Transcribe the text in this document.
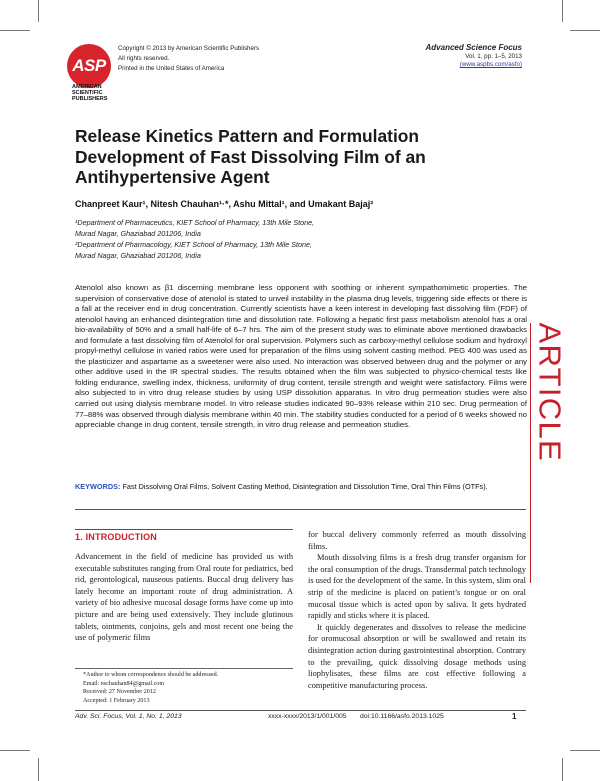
ASP
AMERICAN SCIENTIFIC PUBLISHERS
Copyright © 2013 by American Scientific Publishers
All rights reserved.
Printed in the United States of America
Advanced Science Focus
Vol. 1, pp. 1–5, 2013
(www.aspbs.com/asfo)
Release Kinetics Pattern and Formulation Development of Fast Dissolving Film of an Antihypertensive Agent
Chanpreet Kaur¹, Nitesh Chauhan¹·*, Ashu Mittal¹, and Umakant Bajaj²
¹Department of Pharmaceutics, KIET School of Pharmacy, 13th Mile Stone,
Murad Nagar, Ghaziabad 201206, India
²Department of Pharmacology, KIET School of Pharmacy, 13th Mile Stone,
Murad Nagar, Ghaziabad 201206, India
Atenolol also known as β1 discerning membrane less opponent with soothing or inherent sympathomimetic properties. The supervision of conservative dose of atenolol is stated to unveil instability in the plasma drug levels, triggering side effects or there is a fall at the receiver end in drug concentration. Currently scientists have a keen interest in developing fast dissolving film (FDF) of atenolol having an enhanced disintegration time and dissolution rate. Following a hepatic first pass metabolism atenolol has a oral bio-availability of 50% and a small half-life of 6–7 hrs. The aim of the present study was to eliminate above mentioned drawbacks and formulate a fast dissolving film of Atenolol for oral supervision. Polymers such as carboxy-methyl cellulose sodium and hydroxyl propyl-methyl cellulose in varied ratios were used for preparation of the films using solvent casting method. PEG 400 was used as the plasticizer and aspartame as a sweetener were also used. No interaction was observed between drug and the polymer or any other additive used in the IR spectral studies. The results obtained when the film was subjected to physico-chemical tests like folding endurance, swelling index, thickness, uniformity of drug content, tensile strength and weight were satisfactory. Films were also subjected to in vitro drug release studies by using USP dissolution apparatus. In vitro drug permeation studies were also carried out using dialysis membrane model. In vitro release studies indicated 90–93% release within 210 sec. Drug permeation of 77–88% was observed through dialysis membrane within 40 min. The stability studies conducted for a period of 6 weeks showed no appreciable change in drug content, tensile strength, in vitro drug release and permeation studies.
KEYWORDS: Fast Dissolving Oral Films, Solvent Casting Method, Disintegration and Dissolution Time, Oral Thin Films (OTFs).
ARTICLE
1. INTRODUCTION

Advancement in the field of medicine has provided us with executable substitutes ranging from Oral route for pediatrics, bed rid, gerontological, nauseous patients. Buccal drug delivery has lately become an important route of drug administration. A variety of bio adhesive mucosal dosage forms have come up into picture and are being used extensively. They include glutinous tablets, ointments, conjoins, gels and most recent one being the use of polymeric films

for buccal delivery commonly referred as mouth dissolving films.

Mouth dissolving films is a fresh drug transfer organism for the oral consumption of the drugs. Transdermal patch technology is used for the development of the same. In this system, slim oral strip of the medicine is placed on patient’s tongue or on oral mucosal tissue which is acted upon by saliva. It gets hydrated rapidly and sticks where it is placed.

It quickly degenerates and dissolves to release the medicine for oromucosal absorption or will be swallowed and retain its disintegration action during gastrointestinal absorption. Contrary to the prevailing, quick dissolving dosage methods using liophylisates, these films are cost effective following a competitive manufacturing process.

*Author to whom correspondence should be addressed.
Email: nschauhan84@gmail.com
Received: 27 November 2012
Accepted: 1 February 2013
Adv. Sci. Focus, Vol. 1, No. 1, 2013	xxxx-xxxx/2013/1/001/005 doi:10.1166/asfo.2013.1025	1
